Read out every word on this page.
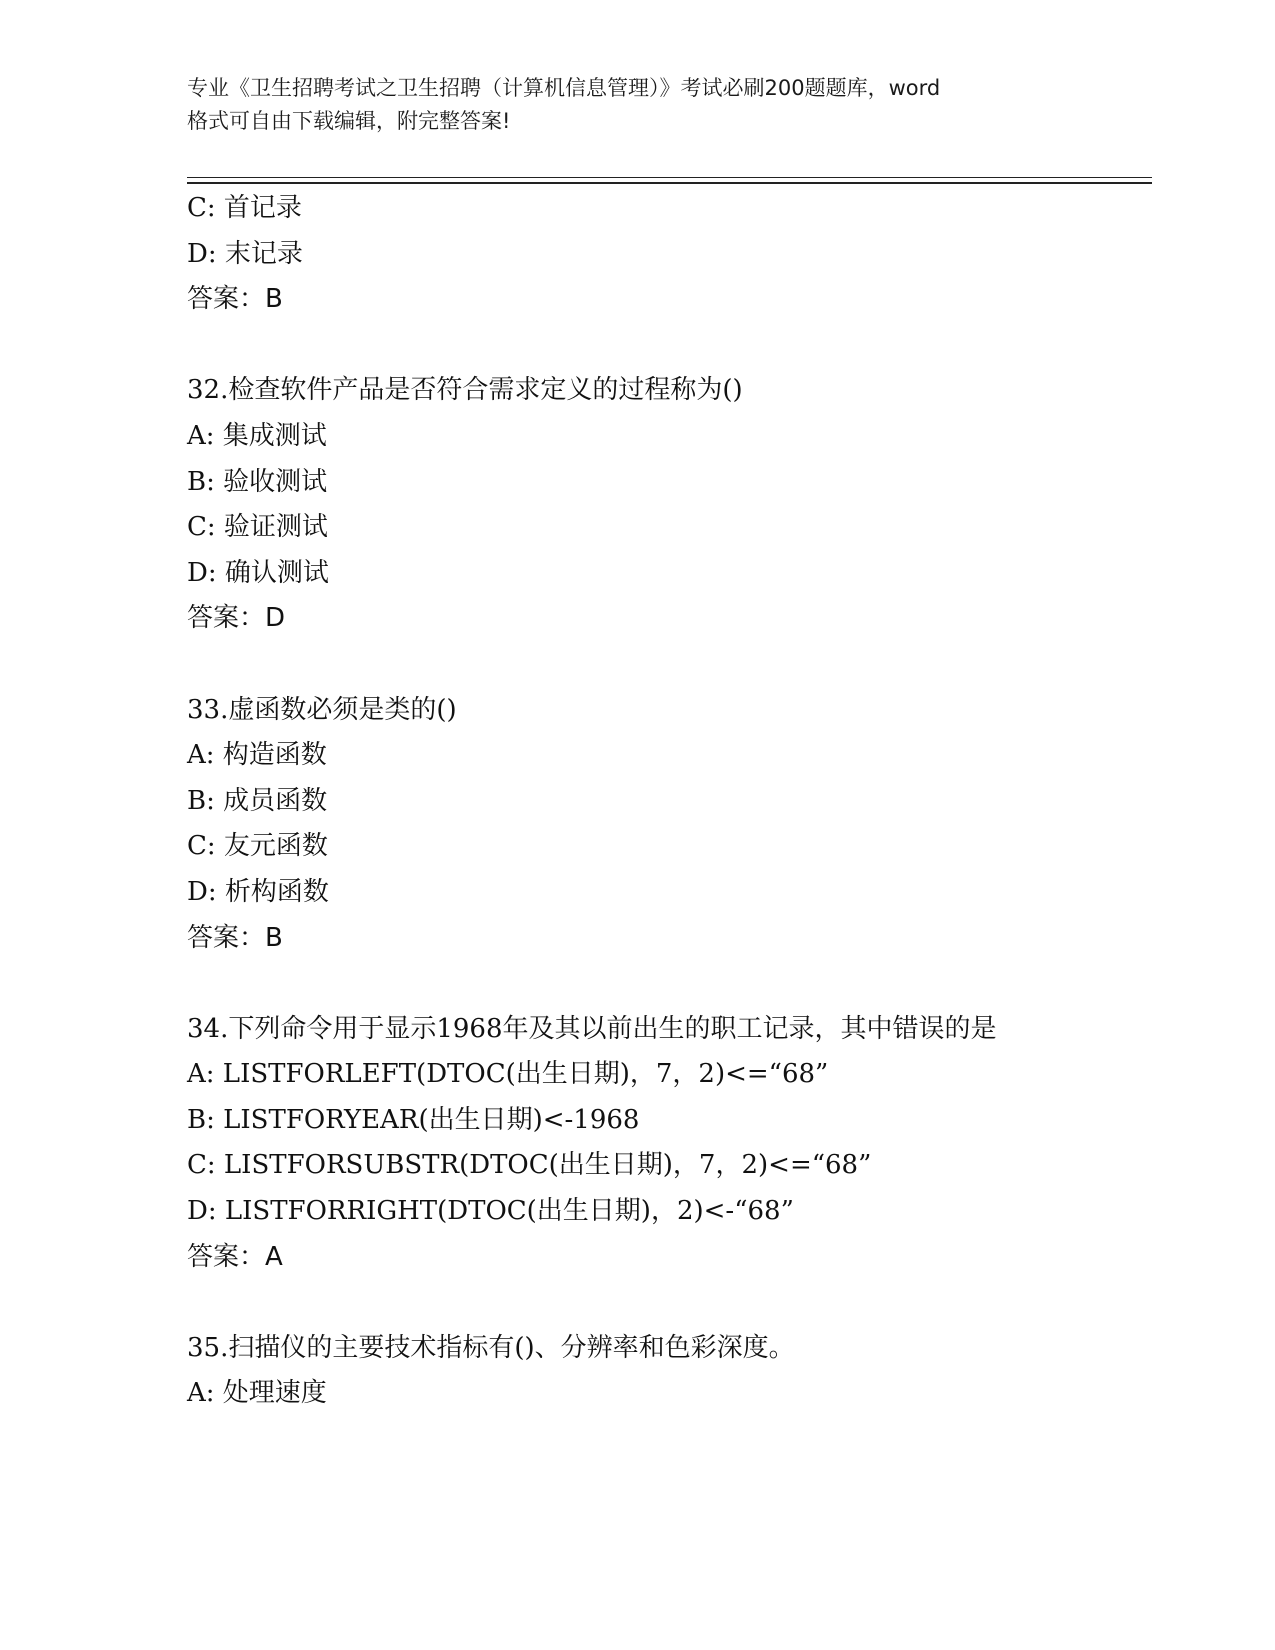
专业《卫生招聘考试之卫生招聘（计算机信息管理）》考试必刷200题题库，word
格式可自由下载编辑，附完整答案!
C: 首记录
D: 末记录
答案：B
32.检查软件产品是否符合需求定义的过程称为()
A: 集成测试
B: 验收测试
C: 验证测试
D: 确认测试
答案：D
33.虚函数必须是类的()
A: 构造函数
B: 成员函数
C: 友元函数
D: 析构函数
答案：B
34.下列命令用于显示1968年及其以前出生的职工记录，其中错误的是
A: LISTFORLEFT(DTOC(出生日期)，7，2)<=“68”
B: LISTFORYEAR(出生日期)<-1968
C: LISTFORSUBSTR(DTOC(出生日期)，7，2)<=“68”
D: LISTFORRIGHT(DTOC(出生日期)，2)<-“68”
答案：A
35.扫描仪的主要技术指标有()、分辨率和色彩深度。
A: 处理速度
